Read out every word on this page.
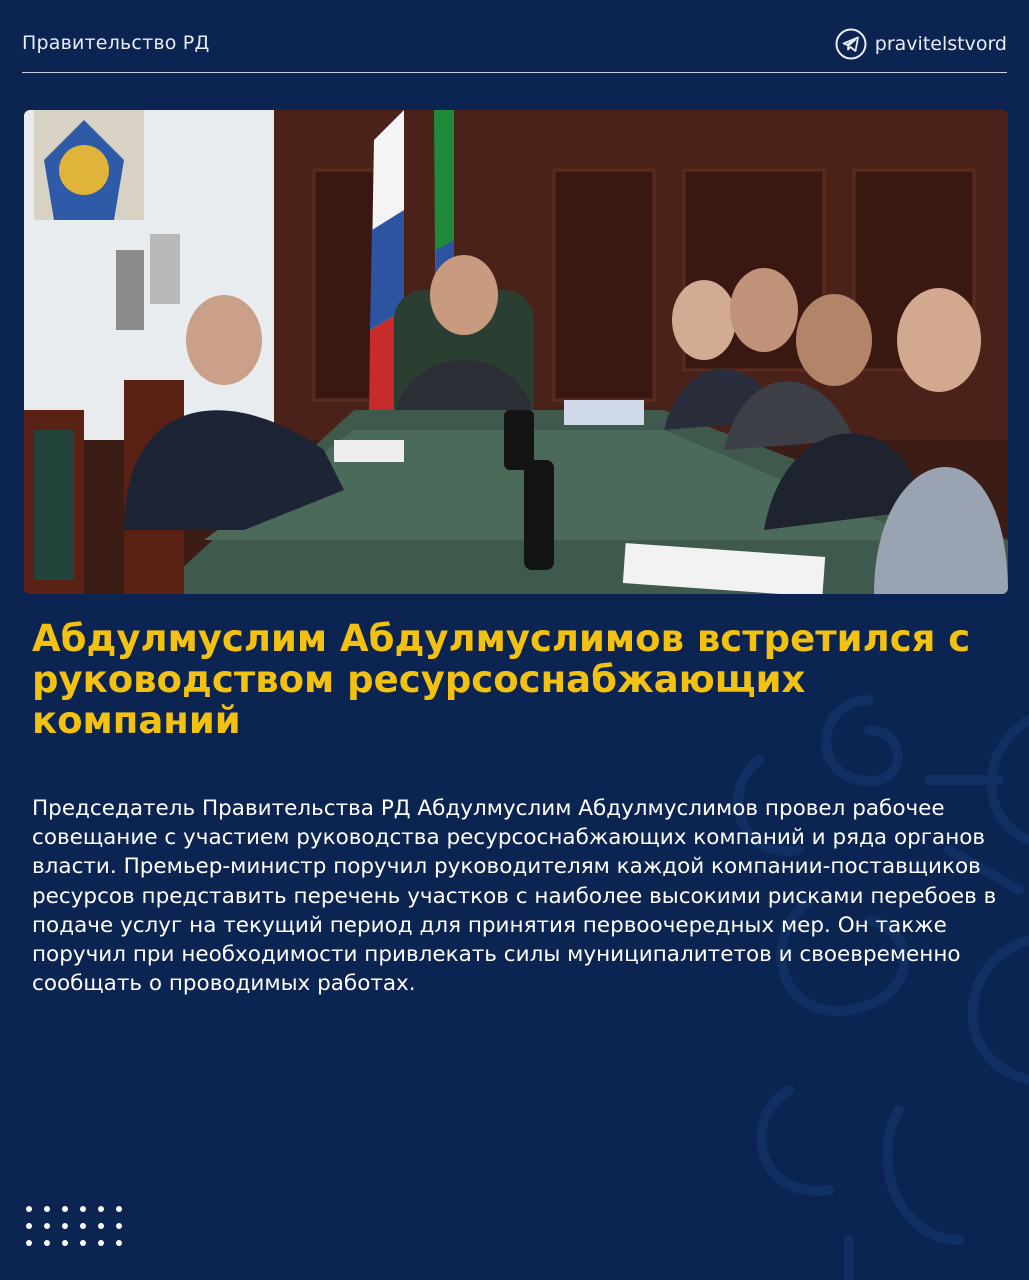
Правительство РД	pravitelstvord
Абдулмуслим Абдулмуслимов встретился с руководством ресурсоснабжающих компаний

Председатель Правительства РД Абдулмуслим Абдулмуслимов провел рабочее совещание с участием руководства ресурсоснабжающих компаний и ряда органов власти. Премьер-министр поручил руководителям каждой компании-поставщиков ресурсов представить перечень участков с наиболее высокими рисками перебоев в подаче услуг на текущий период для принятия первоочередных мер. Он также поручил при необходимости привлекать силы муниципалитетов и своевременно сообщать о проводимых работах.
